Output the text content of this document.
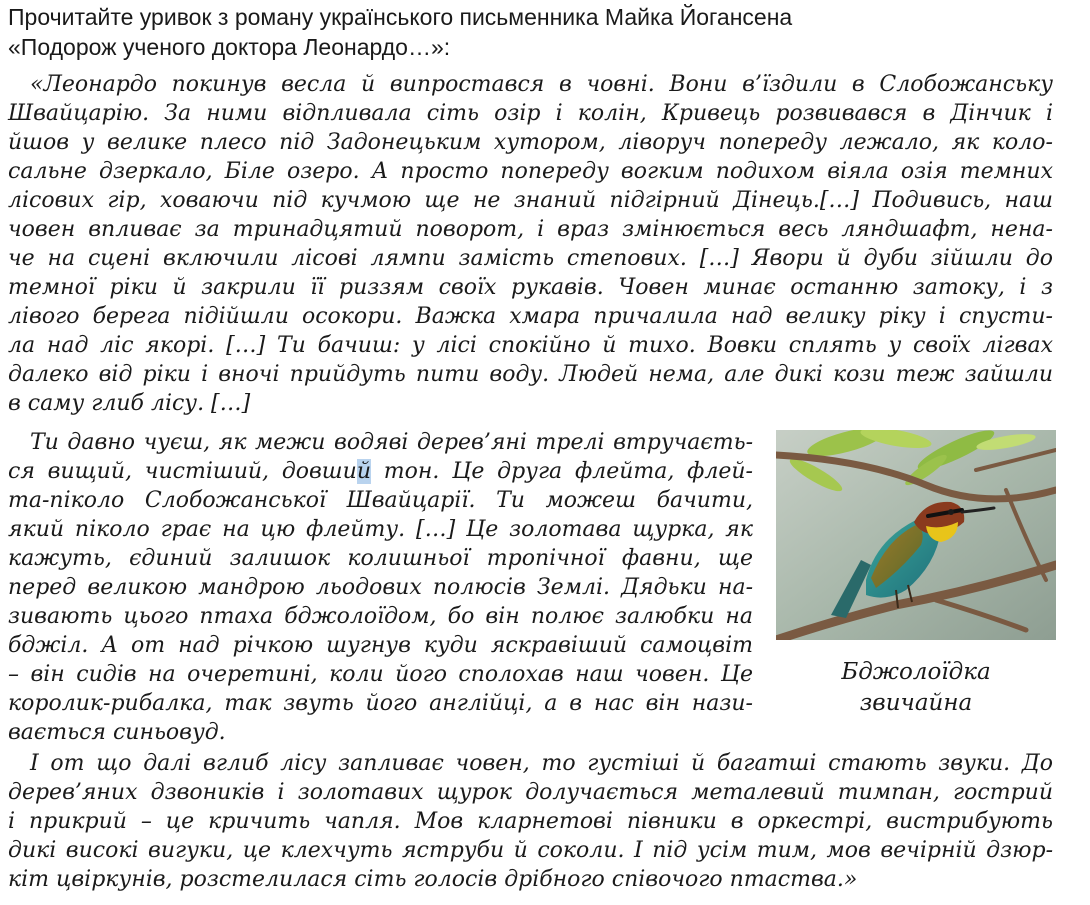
Прочитайте уривок з роману українського письменника Майка Йогансена
«Подорож ученого доктора Леонардо…»:
«Леонардо покинув весла й випростався в човні. Вони в’їздили в Слобожанську
Швайцарію. За ними відпливала сіть озір і колін, Кривець розвивався в Дінчик і
йшов у велике плесо під Задонецьким хутором, ліворуч попереду лежало, як коло-
сальне дзеркало, Біле озеро. А просто попереду вогким подихом віяла озія темних
лісових гір, ховаючи під кучмою ще не знаний підгірний Дінець.[…] Подивись, наш
човен впливає за тринадцятий поворот, і враз змінюється весь ляндшафт, нена-
че на сцені включили лісові лямпи замість степових. […] Явори й дуби зійшли до
темної ріки й закрили її риззям своїх рукавів. Човен минає останню затоку, і з
лівого берега підійшли осокори. Важка хмара причалила над велику ріку і спусти-
ла над ліс якорі. […] Ти бачиш: у лісі спокійно й тихо. Вовки сплять у своїх лігвах
далеко від ріки і вночі прийдуть пити воду. Людей нема, але дикі кози теж зайшли
в саму глиб лісу. […]
Ти давно чуєш, як межи водяві дерев’яні трелі втручаєть-
ся вищий, чистіший, довший тон. Це друга флейта, флей-
та-піколо Слобожанської Швайцарії. Ти можеш бачити,
який піколо грає на цю флейту. […] Це золотава щурка, як
кажуть, єдиний залишок колишньої тропічної фавни, ще
перед великою мандрою льодових полюсів Землі. Дядьки на-
зивають цього птаха бджолоїдом, бо він полює залюбки на
бджіл. А от над річкою шугнув куди яскравіший самоцвіт
– він сидів на очеретині, коли його сполохав наш човен. Це
королик-рибалка, так звуть його англійці, а в нас він нази-
вається синьовуд.
Бджолоїдка
звичайна
І от що далі вглиб лісу запливає човен, то густіші й багатші стають звуки. До
дерев’яних дзвоників і золотавих щурок долучається металевий тимпан, гострий
і прикрий – це кричить чапля. Мов кларнетові півники в оркестрі, вистрибують
дикі високі вигуки, це клехчуть яструби й соколи. І під усім тим, мов вечірній дзюр-
кіт цвіркунів, розстелилася сіть голосів дрібного співочого птаства.»
